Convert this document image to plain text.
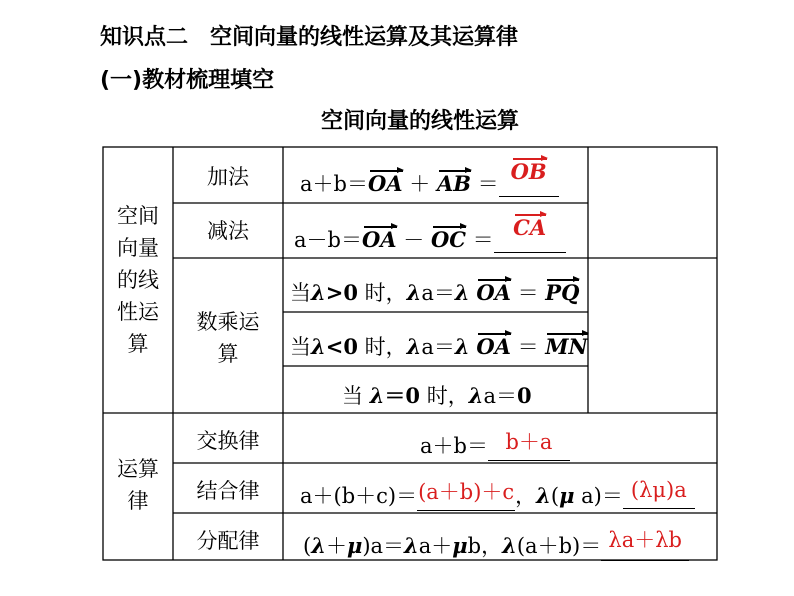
知识点二　空间向量的线性运算及其运算律
(一)教材梳理填空
空间向量的线性运算
空间
向量
的线
性运
算
运算
律
加法
减法
数乘运
算
交换律
结合律
分配律
a＋b＝OA ＋ AB ＝ OB
a－b＝OA － OC ＝ CA
当λ>0 时，λa＝λ OA ＝ PQ
当λ<0 时，λa＝λ OA ＝ MN
当 λ＝0 时，λa＝0
a＋b＝ b＋a
a＋(b＋c)＝(a＋b)＋c，λ(μ a)＝ (λμ)a
(λ＋μ)a＝λa＋μb，λ(a＋b)＝ λa＋λb
